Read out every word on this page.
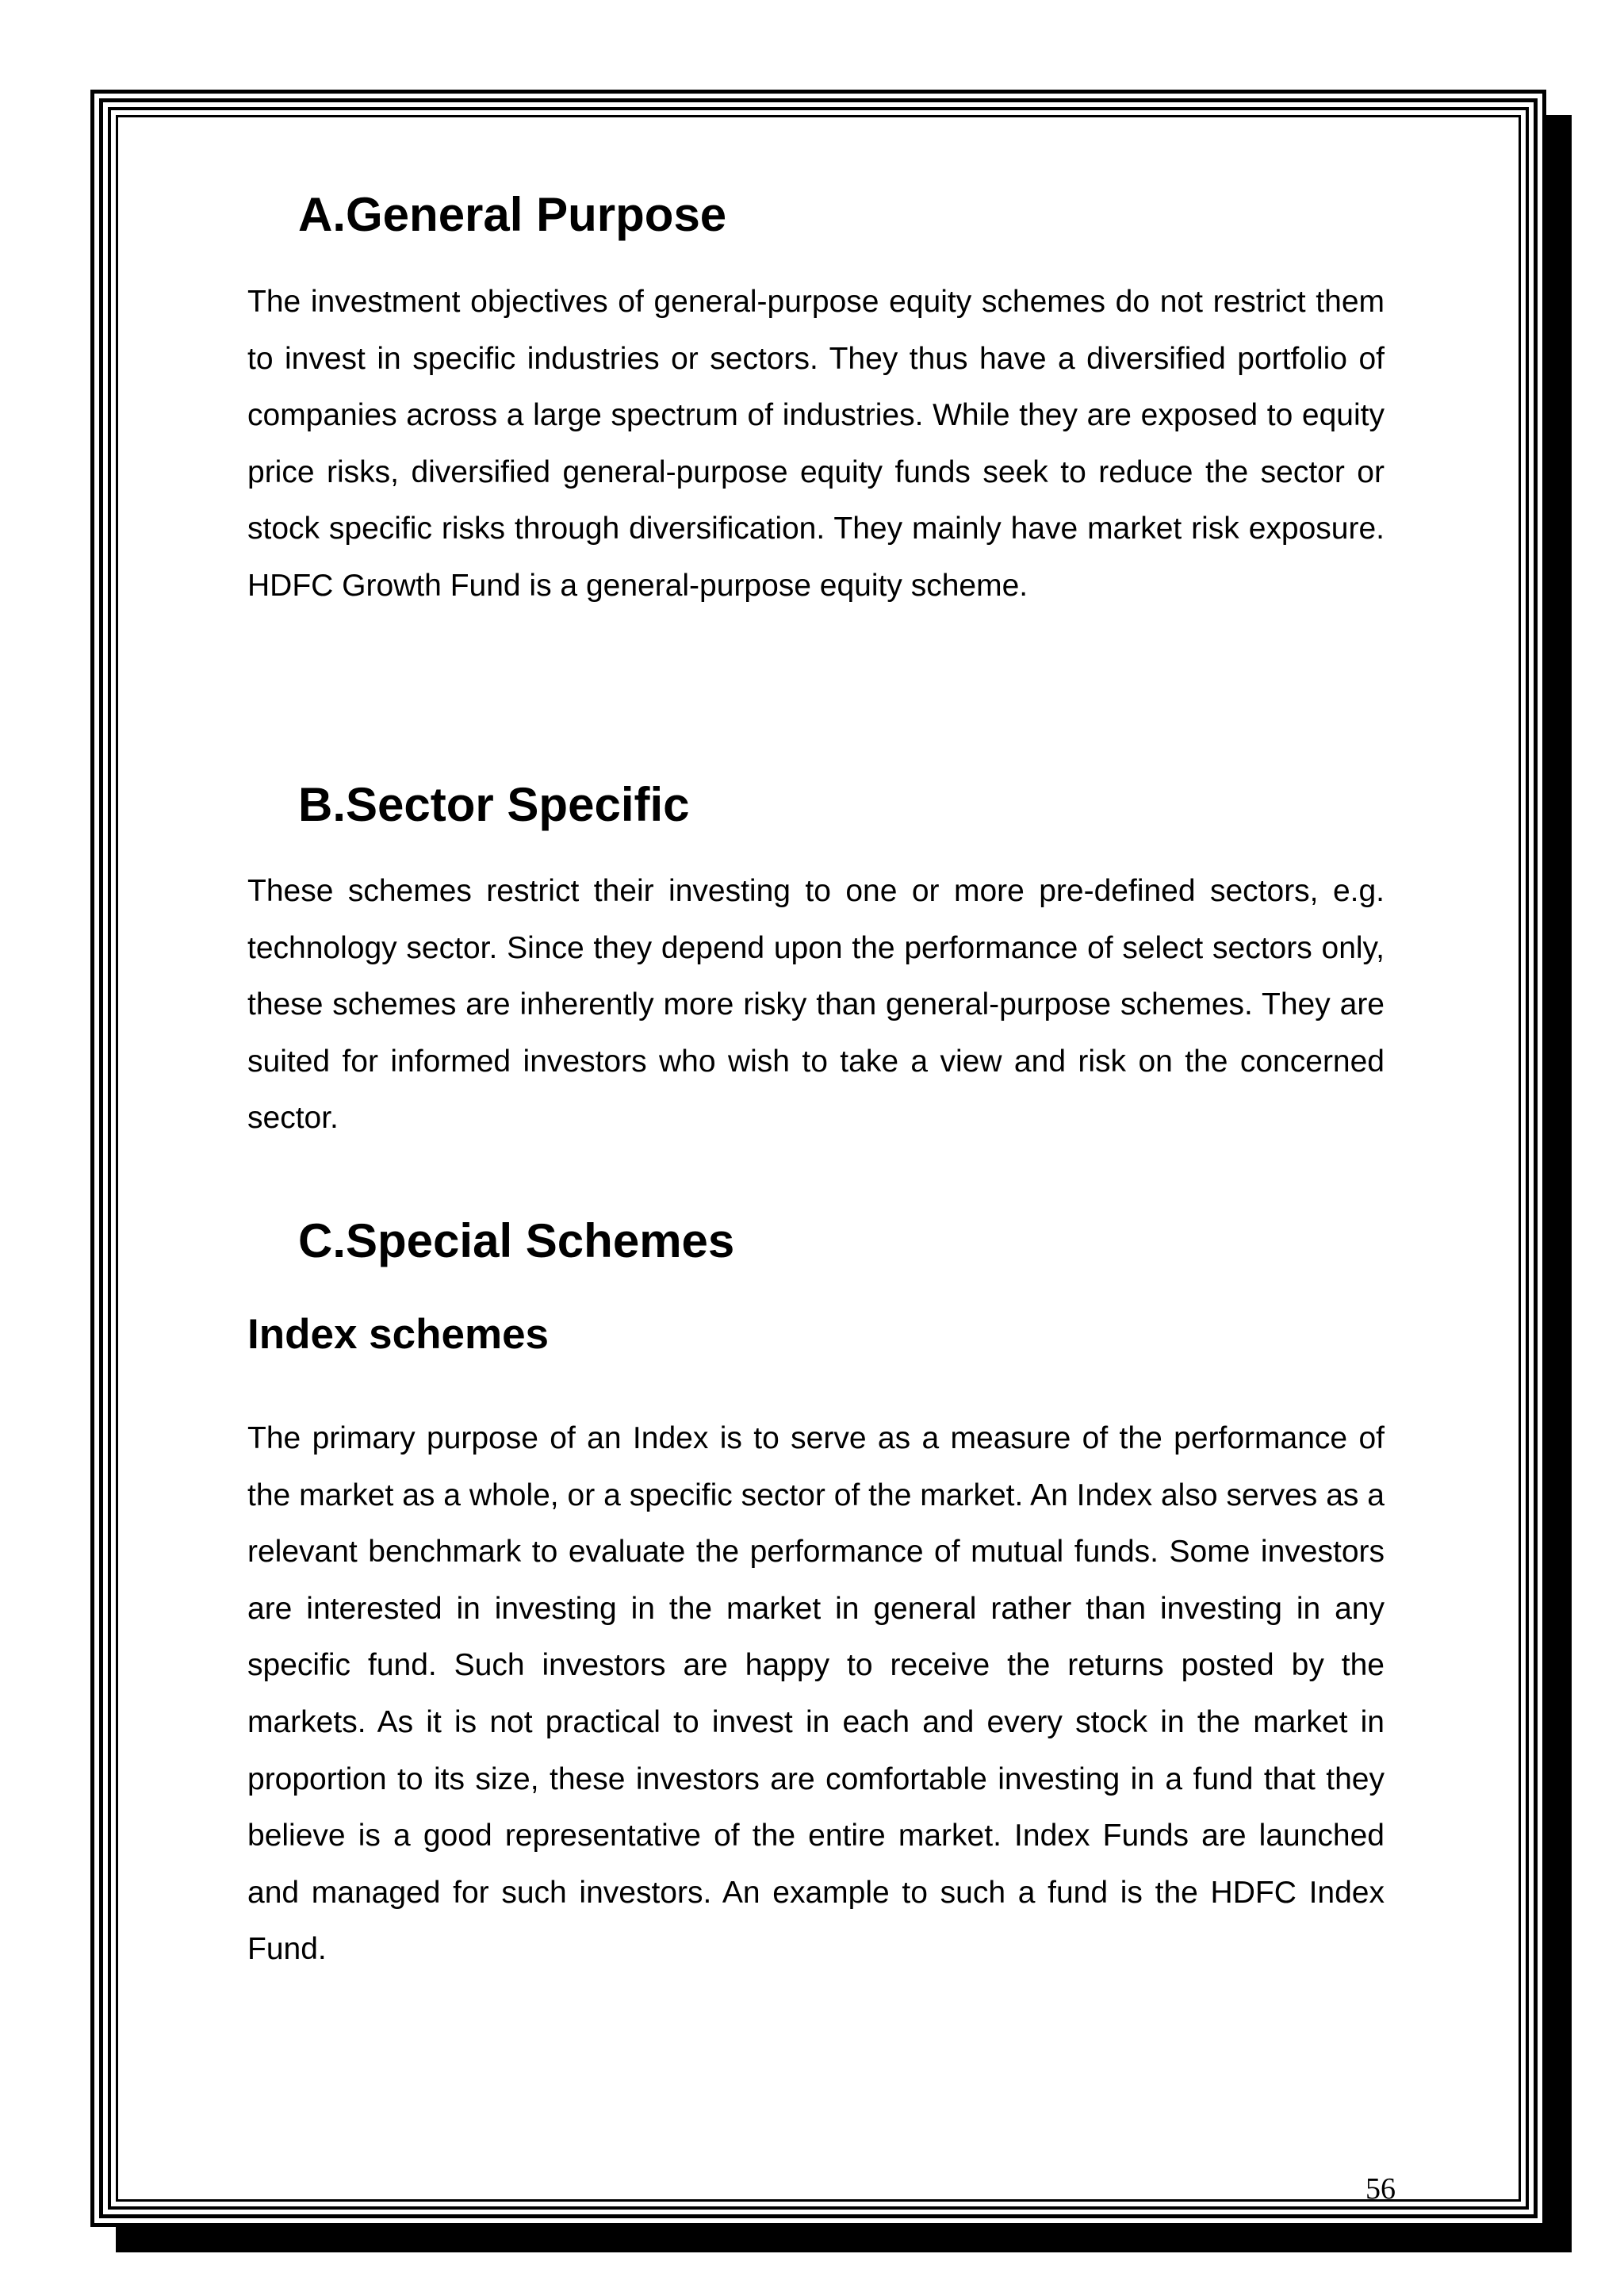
A.General Purpose

The investment objectives of general-purpose equity schemes do not restrict them to invest in specific industries or sectors. They thus have a diversified portfolio of companies across a large spectrum of industries. While they are exposed to equity price risks, diversified general-purpose equity funds seek to reduce the sector or stock specific risks through diversification. They mainly have market risk exposure. HDFC Growth Fund is a general-purpose equity scheme.

B.Sector Specific

These schemes restrict their investing to one or more pre-defined sectors, e.g. technology sector. Since they depend upon the performance of select sectors only, these schemes are inherently more risky than general-purpose schemes. They are suited for informed investors who wish to take a view and risk on the concerned sector.

C.Special Schemes
Index schemes

The primary purpose of an Index is to serve as a measure of the performance of the market as a whole, or a specific sector of the market. An Index also serves as a relevant benchmark to evaluate the performance of mutual funds. Some investors are interested in investing in the market in general rather than investing in any specific fund. Such investors are happy to receive the returns posted by the markets. As it is not practical to invest in each and every stock in the market in proportion to its size, these investors are comfortable investing in a fund that they believe is a good representative of the entire market. Index Funds are launched and managed for such investors. An example to such a fund is the HDFC Index Fund.

56
